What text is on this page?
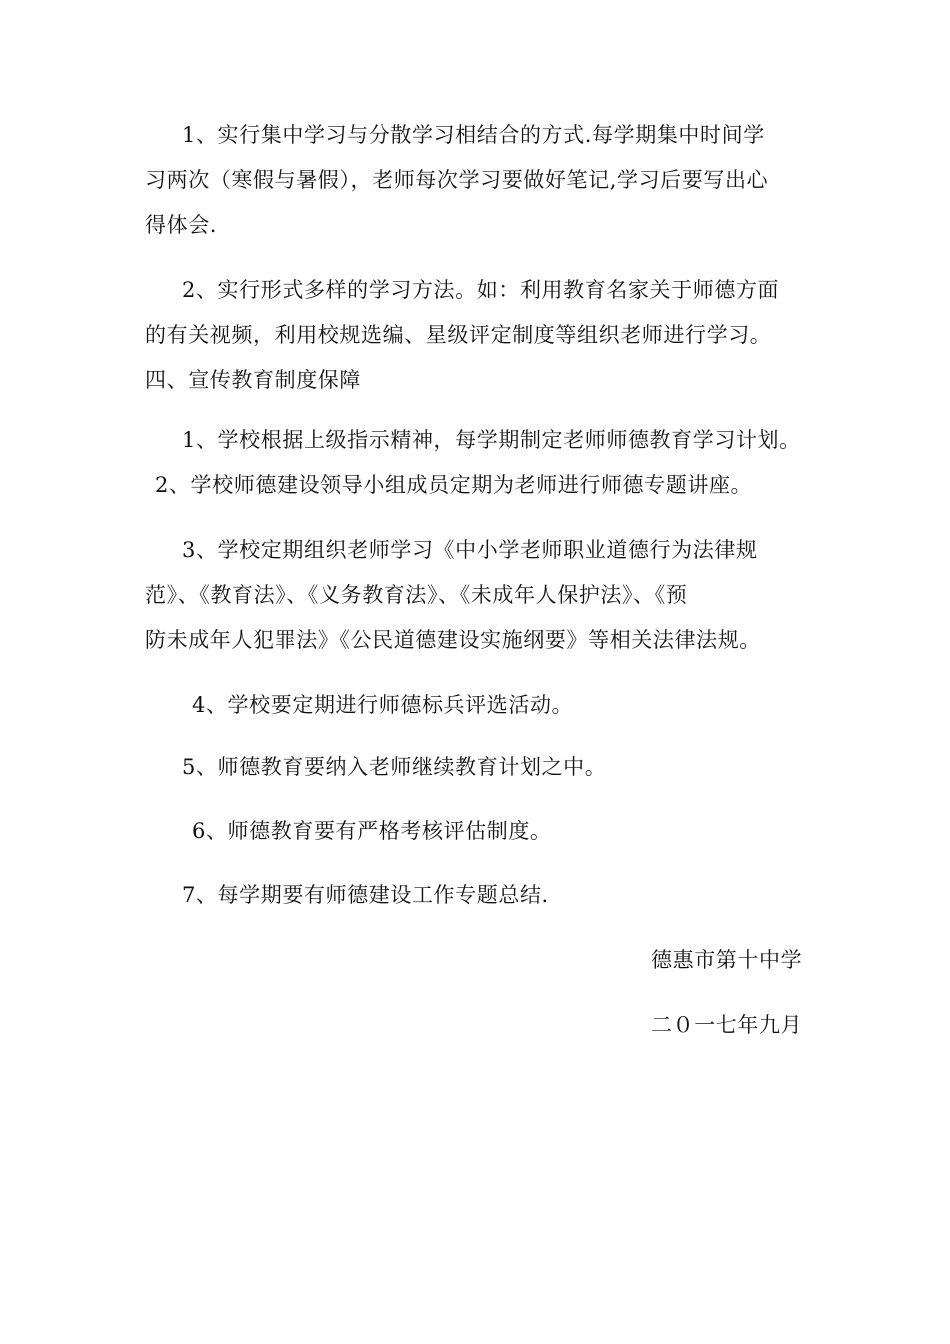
1、实行集中学习与分散学习相结合的方式.每学期集中时间学
习两次（寒假与暑假），老师每次学习要做好笔记,学习后要写出心
得体会.
2、实行形式多样的学习方法。如：利用教育名家关于师德方面
的有关视频，利用校规选编、星级评定制度等组织老师进行学习。
四、宣传教育制度保障
1、学校根据上级指示精神，每学期制定老师师德教育学习计划。
2、学校师德建设领导小组成员定期为老师进行师德专题讲座。
3、学校定期组织老师学习《中小学老师职业道德行为法律规
范》、《教育法》、《义务教育法》、《未成年人保护法》、《预
防未成年人犯罪法》《公民道德建设实施纲要》等相关法律法规。
4、学校要定期进行师德标兵评选活动。
5、师德教育要纳入老师继续教育计划之中。
6、师德教育要有严格考核评估制度。
7、每学期要有师德建设工作专题总结.
德惠市第十中学
二０一七年九月
